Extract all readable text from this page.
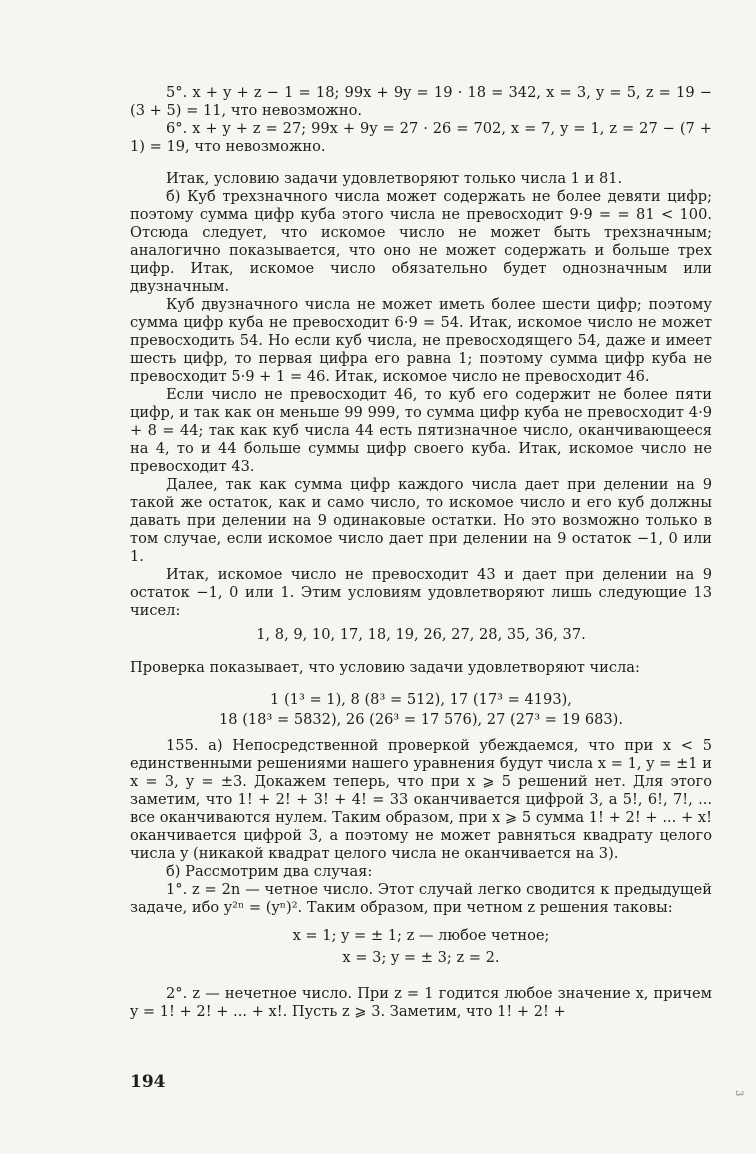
5°. x + y + z − 1 = 18; 99x + 9y = 19 · 18 = 342, x = 3, y = 5, z = 19 − (3 + 5) = 11, что невозможно.

6°. x + y + z = 27; 99x + 9y = 27 · 26 = 702, x = 7, y = 1, z = 27 − (7 + 1) = 19, что невозможно.

Итак, условию задачи удовлетворяют только числа 1 и 81.

б) Куб трехзначного числа может содержать не более девяти цифр; поэтому сумма цифр куба этого числа не превосходит 9·9 = = 81 < 100. Отсюда следует, что искомое число не может быть трехзначным; аналогично показывается, что оно не может содержать и больше трех цифр. Итак, искомое число обязательно будет однозначным или двузначным.

Куб двузначного числа не может иметь более шести цифр; поэтому сумма цифр куба не превосходит 6·9 = 54. Итак, искомое число не может превосходить 54. Но если куб числа, не превосходящего 54, даже и имеет шесть цифр, то первая цифра его равна 1; поэтому сумма цифр куба не превосходит 5·9 + 1 = 46. Итак, искомое число не превосходит 46.

Если число не превосходит 46, то куб его содержит не более пяти цифр, и так как он меньше 99 999, то сумма цифр куба не превосходит 4·9 + 8 = 44; так как куб числа 44 есть пятизначное число, оканчивающееся на 4, то и 44 больше суммы цифр своего куба. Итак, искомое число не превосходит 43.

Далее, так как сумма цифр каждого числа дает при делении на 9 такой же остаток, как и само число, то искомое число и его куб должны давать при делении на 9 одинаковые остатки. Но это возможно только в том случае, если искомое число дает при делении на 9 остаток −1, 0 или 1.

Итак, искомое число не превосходит 43 и дает при делении на 9 остаток −1, 0 или 1. Этим условиям удовлетворяют лишь следующие 13 чисел:

1, 8, 9, 10, 17, 18, 19, 26, 27, 28, 35, 36, 37.

Проверка показывает, что условию задачи удовлетворяют числа:

1 (1³ = 1), 8 (8³ = 512), 17 (17³ = 4193),

18 (18³ = 5832), 26 (26³ = 17 576), 27 (27³ = 19 683).

155. а) Непосредственной проверкой убеждаемся, что при x < 5 единственными решениями нашего уравнения будут числа x = 1, y = ±1 и x = 3, y = ±3. Докажем теперь, что при x ⩾ 5 решений нет. Для этого заметим, что 1! + 2! + 3! + 4! = 33 оканчивается цифрой 3, а 5!, 6!, 7!, ... все оканчиваются нулем. Таким образом, при x ⩾ 5 сумма 1! + 2! + ... + x! оканчивается цифрой 3, а поэтому не может равняться квадрату целого числа y (никакой квадрат целого числа не оканчивается на 3).

б) Рассмотрим два случая:

1°. z = 2n — четное число. Этот случай легко сводится к предыдущей задаче, ибо y²ⁿ = (yⁿ)². Таким образом, при четном z решения таковы:

x = 1; y = ± 1; z — любое четное;

x = 3; y = ± 3; z = 2.

2°. z — нечетное число. При z = 1 годится любое значение x, причем y = 1! + 2! + ... + x!. Пусть z ⩾ 3. Заметим, что 1! + 2! +

194
3
